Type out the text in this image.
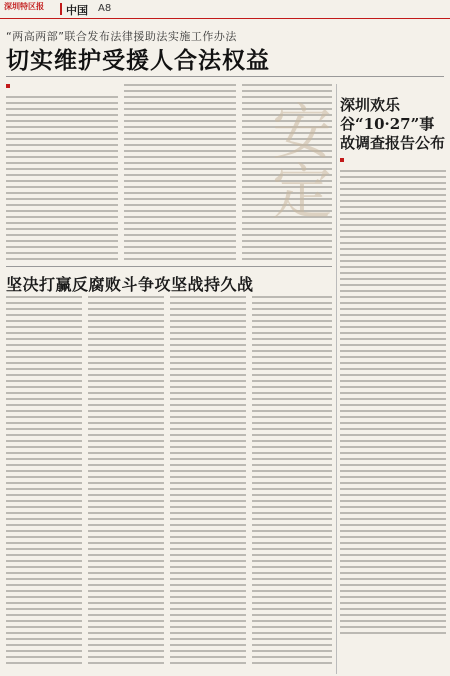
深圳特区报 中国 A8
“两高两部”联合发布法律援助法实施工作办法
切实维护受援人合法权益
安定 深圳欢乐谷“10·27”事故调查报告公布
坚决打赢反腐败斗争攻坚战持久战
